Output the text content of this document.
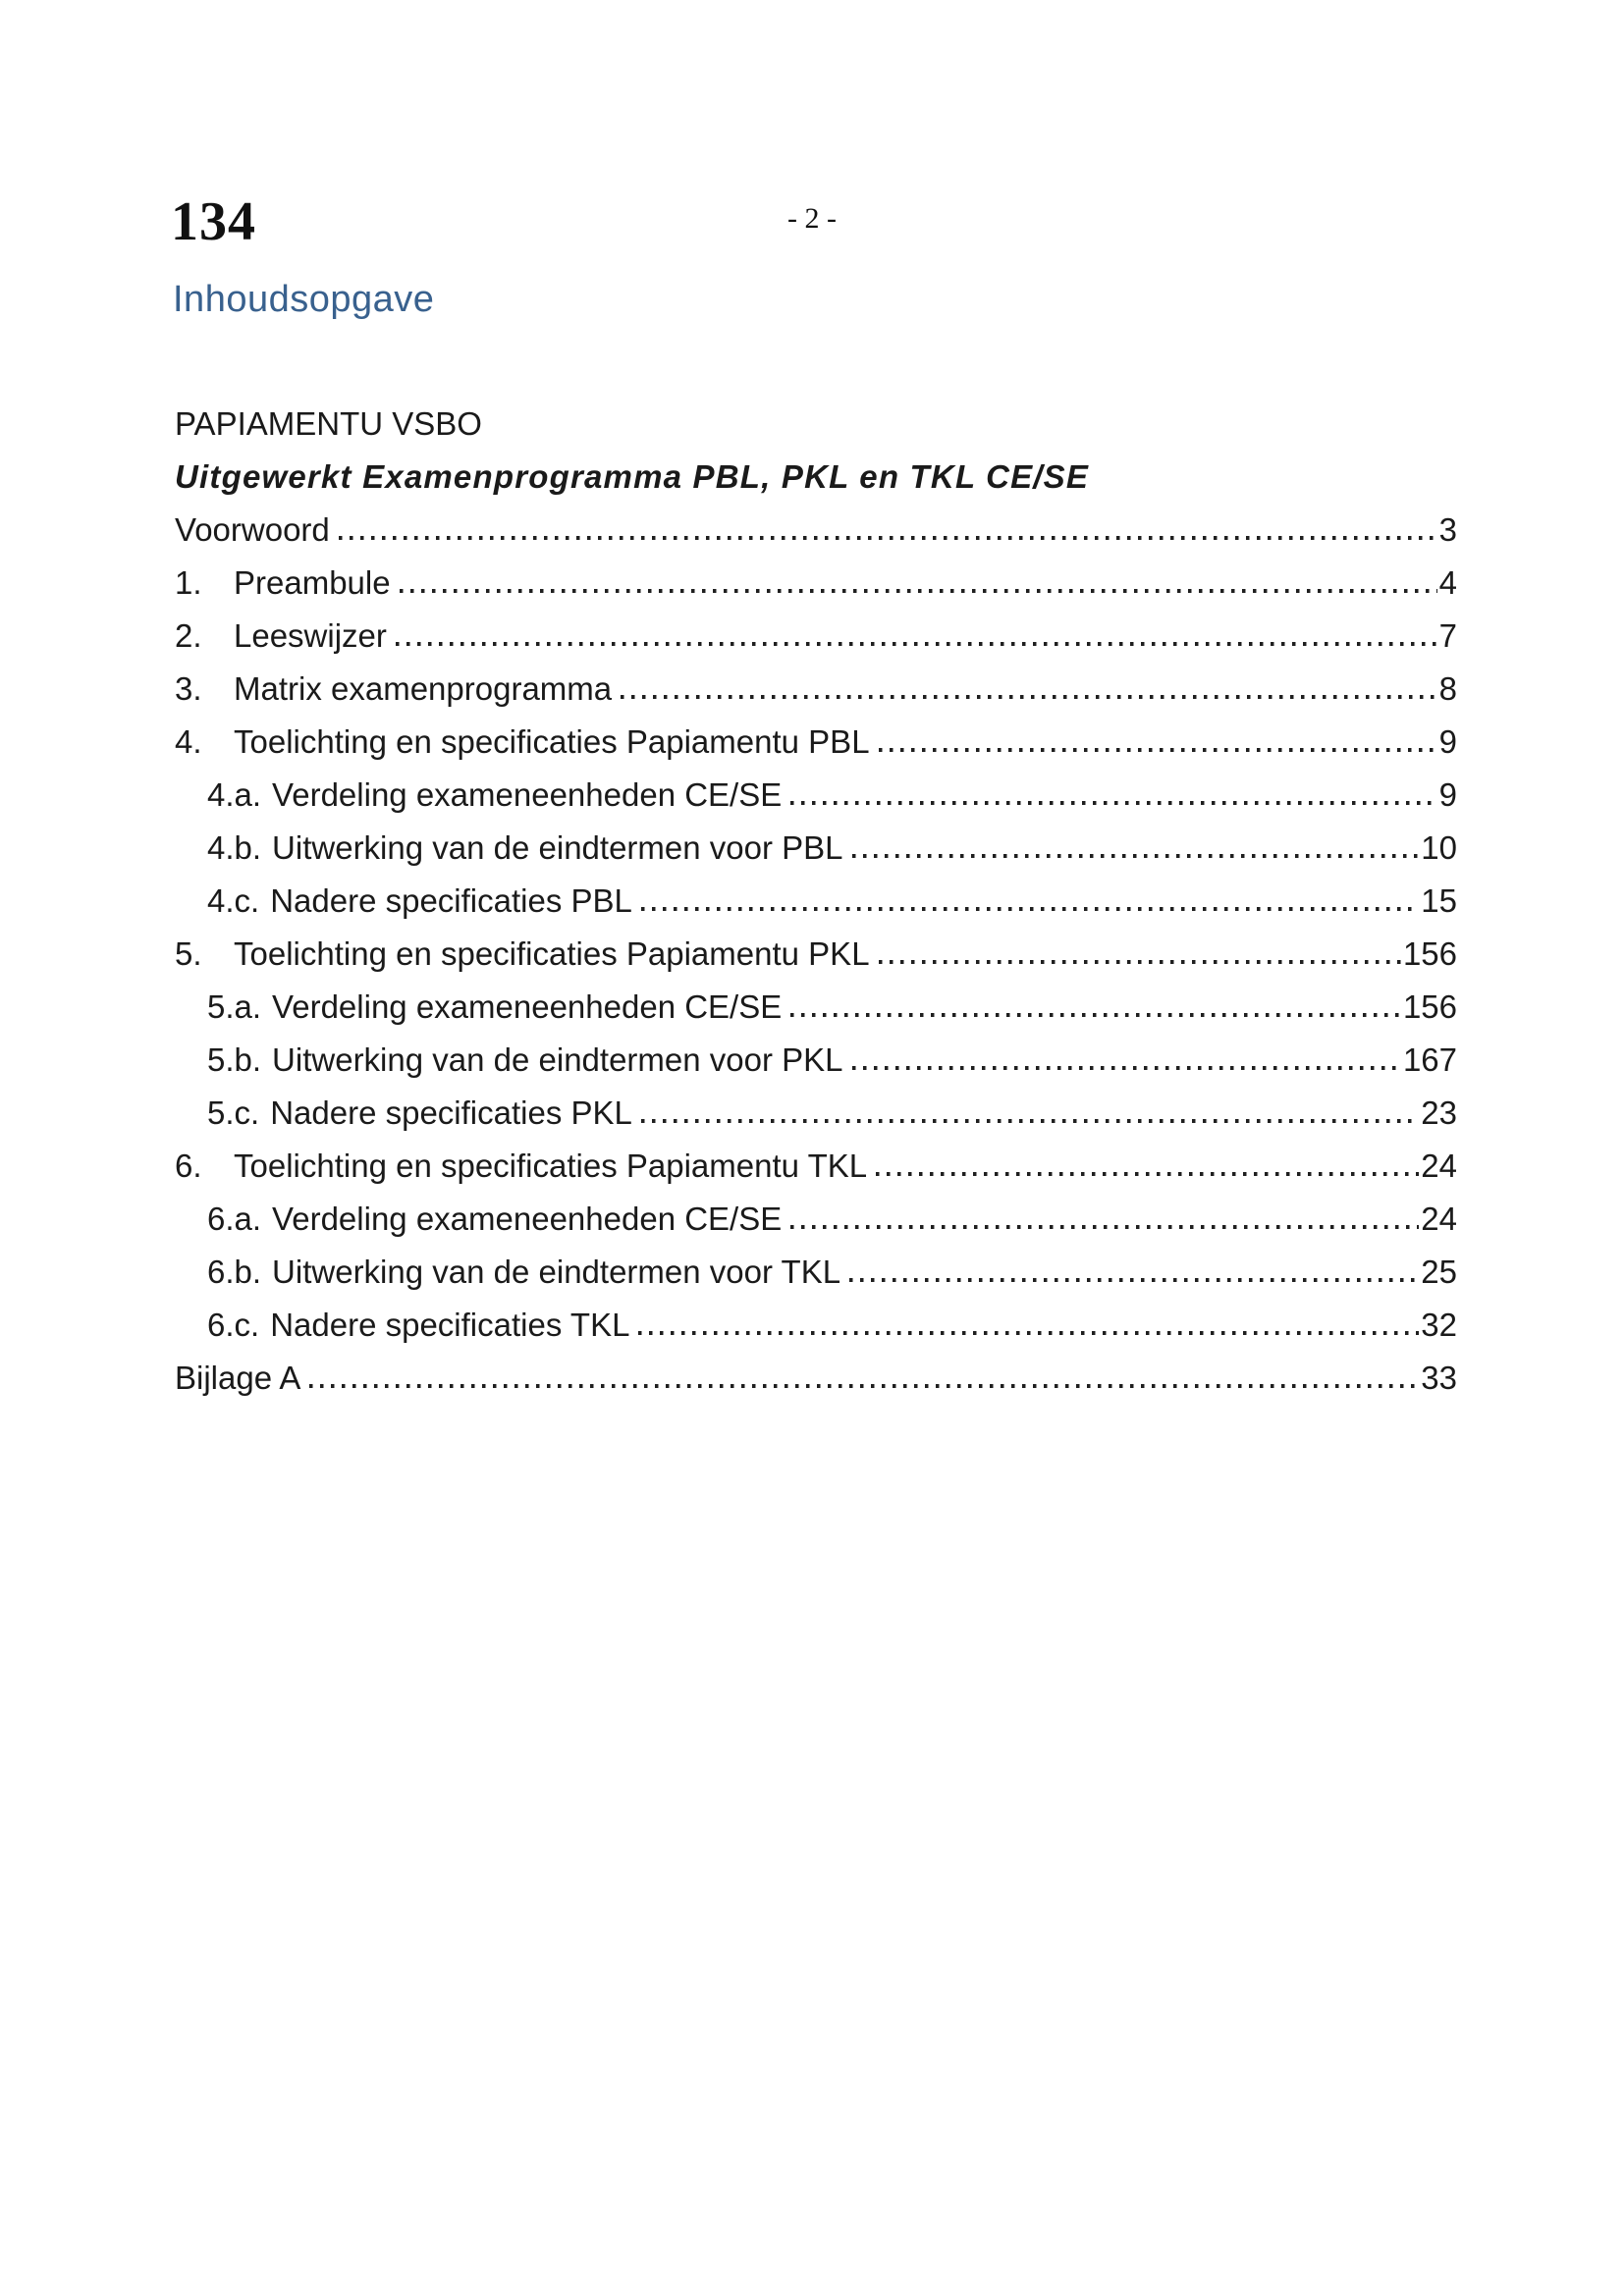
134	- 2 -
Inhoudsopgave
PAPIAMENTU VSBO
Uitgewerkt Examenprogramma PBL, PKL en TKL CE/SE
Voorwoord	3
1. Preambule	4
2. Leeswijzer	7
3. Matrix examenprogramma	8
4. Toelichting en specificaties Papiamentu PBL	9
4.a. Verdeling exameneenheden CE/SE	9
4.b. Uitwerking van de eindtermen voor PBL	10
4.c. Nadere specificaties PBL	15
5. Toelichting en specificaties Papiamentu PKL	156
5.a. Verdeling exameneenheden CE/SE	156
5.b. Uitwerking van de eindtermen voor PKL	167
5.c. Nadere specificaties PKL	23
6. Toelichting en specificaties Papiamentu TKL	24
6.a. Verdeling exameneenheden CE/SE	24
6.b. Uitwerking van de eindtermen voor TKL	25
6.c. Nadere specificaties TKL	32
Bijlage A	33
